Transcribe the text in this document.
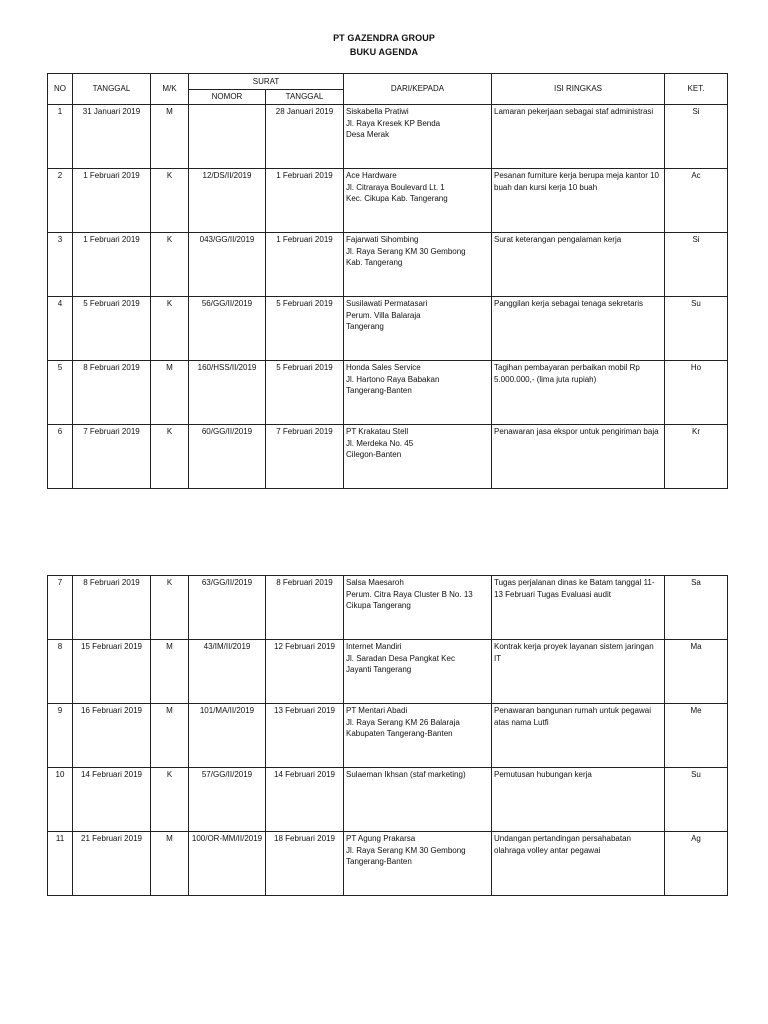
PT GAZENDRA GROUP
BUKU AGENDA
NO	TANGGAL	M/K	SURAT		DARI/KEPADA	ISI RINGKAS	KET.
			NOMOR	TANGGAL			
1	31 Januari 2019	M		28 Januari 2019	Siskabella Pratiwi
Jl. Raya Kresek KP Benda
Desa Merak	Lamaran pekerjaan sebagai staf administrasi	Si
2	1 Februari 2019	K	12/DS/II/2019	1 Februari 2019	Ace Hardware
Jl. Citraraya Boulevard Lt. 1
Kec. Cikupa Kab. Tangerang	Pesanan furniture kerja berupa meja kantor 10 buah dan kursi kerja 10 buah	Ac
3	1 Februari 2019	K	043/GG/II/2019	1 Februari 2019	Fajarwati Sihombing
Jl. Raya Serang KM 30 Gembong
Kab. Tangerang	Surat keterangan pengalaman kerja	Si
4	5 Februari 2019	K	56/GG/II/2019	5 Februari 2019	Susilawati Permatasari
Perum. Villa Balaraja
Tangerang	Panggilan kerja sebagai tenaga sekretaris	Su
5	8 Februari 2019	M	160/HSS/II/2019	5 Februari 2019	Honda Sales Service
Jl. Hartono Raya Babakan
Tangerang-Banten	Tagihan pembayaran perbaikan mobil Rp 5.000.000,- (lima juta rupiah)	Ho
6	7 Februari 2019	K	60/GG/II/2019	7 Februari 2019	PT Krakatau Stell
Jl. Merdeka No. 45
Cilegon-Banten	Penawaran jasa ekspor untuk pengiriman baja	Kr
7	8 Februari 2019	K	63/GG/II/2019	8 Februari 2019	Salsa Maesaroh
Perum. Citra Raya Cluster B No. 13
Cikupa Tangerang	Tugas perjalanan dinas ke Batam tanggal 11-13 Februari Tugas Evaluasi audit	Sa
8	15 Februari 2019	M	43/IM/II/2019	12 Februari 2019	Internet Mandiri
Jl. Saradan Desa Pangkat Kec
Jayanti Tangerang	Kontrak kerja proyek layanan sistem jaringan IT	Ma
9	16 Februari 2019	M	101/MA/II/2019	13 Februari 2019	PT Mentari Abadi
Jl. Raya Serang KM 26 Balaraja
Kabupaten Tangerang-Banten	Penawaran bangunan rumah untuk pegawai atas nama Lutfi	Me
10	14 Februari 2019	K	57/GG/II/2019	14 Februari 2019	Sulaeman Ikhsan (staf marketing)	Pemutusan hubungan kerja	Su
11	21 Februari 2019	M	100/OR-MM/II/2019	18 Februari 2019	PT Agung Prakarsa
Jl. Raya Serang KM 30 Gembong
Tangerang-Banten	Undangan pertandingan persahabatan olahraga volley antar pegawai	Ag
